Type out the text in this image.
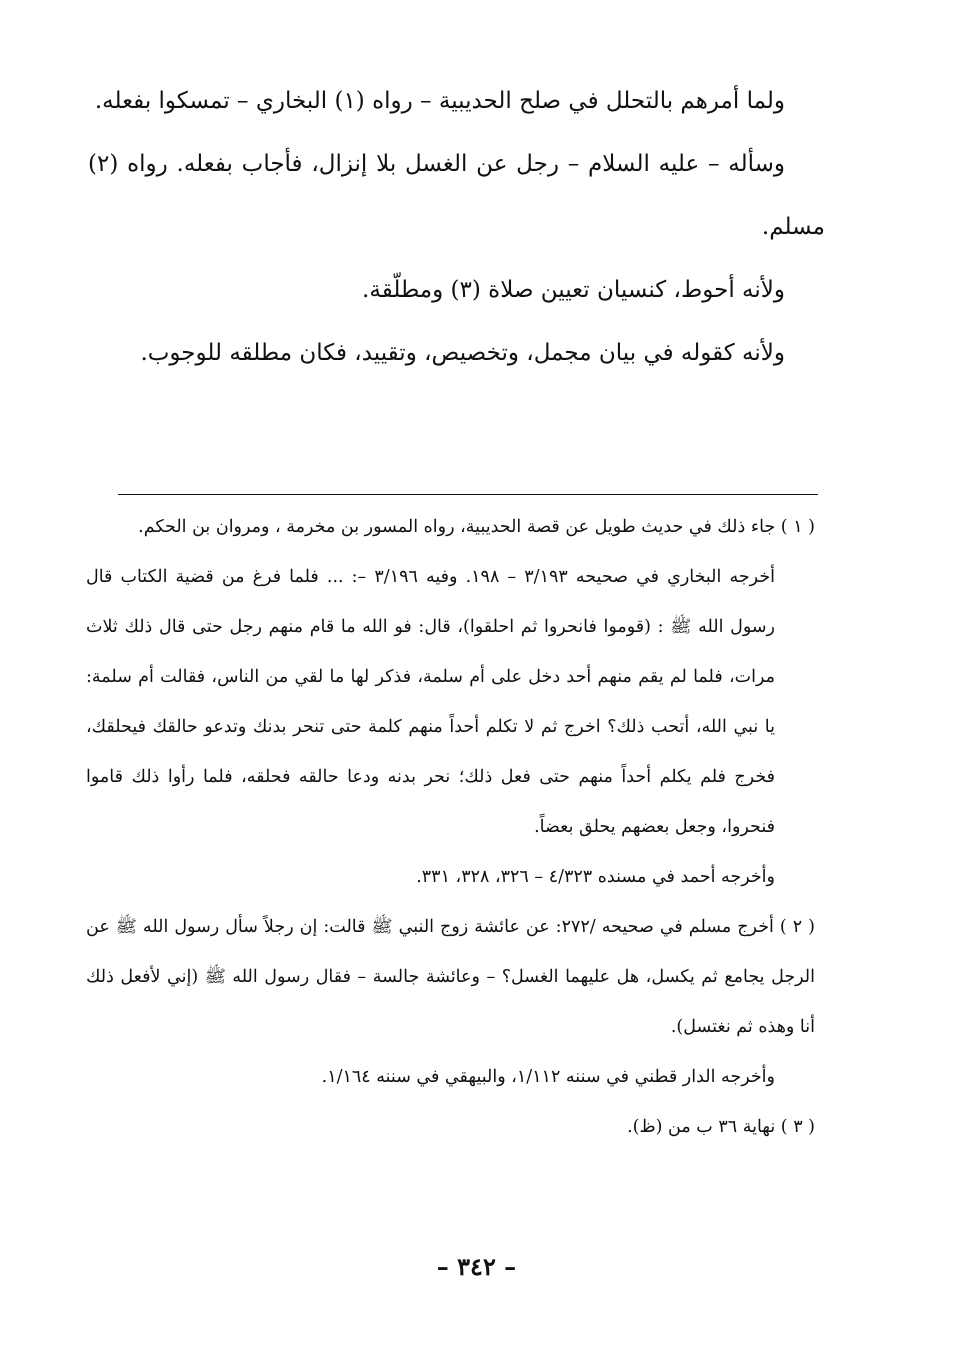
ولما أمرهم بالتحلل في صلح الحديبية – رواه (١) البخاري – تمسكوا بفعله.

وسأله – عليه السلام – رجل عن الغسل بلا إنزال، فأجاب بفعله. رواه (٢) مسلم.

ولأنه أحوط، كنسيان تعيين صلاة (٣) ومطلّقة.

ولأنه كقوله في بيان مجمل، وتخصيص، وتقييد، فكان مطلقه للوجوب.

( ١ ) جاء ذلك في حديث طويل عن قصة الحديبية، رواه المسور بن مخرمة ، ومروان بن الحكم.

أخرجه البخاري في صحيحه ٣/١٩٣ – ١٩٨. وفيه ٣/١٩٦ –: ... فلما فرغ من قضية الكتاب قال رسول الله ﷺ : (قوموا فانحروا ثم احلقوا)، قال: فو الله ما قام منهم رجل حتى قال ذلك ثلاث مرات، فلما لم يقم منهم أحد دخل على أم سلمة، فذكر لها ما لقي من الناس، فقالت أم سلمة: يا نبي الله، أتحب ذلك؟ اخرج ثم لا تكلم أحداً منهم كلمة حتى تنحر بدنك وتدعو حالقك فيحلقك، فخرج فلم يكلم أحداً منهم حتى فعل ذلك؛ نحر بدنه ودعا حالقه فحلقه، فلما رأوا ذلك قاموا فنحروا، وجعل بعضهم يحلق بعضاً.

وأخرجه أحمد في مسنده ٤/٣٢٣ – ٣٢٦، ٣٢٨، ٣٣١.

( ٢ ) أخرج مسلم في صحيحه /٢٧٢: عن عائشة زوج النبي ﷺ قالت: إن رجلاً سأل رسول الله ﷺ عن الرجل يجامع ثم يكسل، هل عليهما الغسل؟ – وعائشة جالسة – فقال رسول الله ﷺ (إني لأفعل ذلك أنا وهذه ثم نغتسل).

وأخرجه الدار قطني في سننه ١/١١٢، والبيهقي في سننه ١/١٦٤.

( ٣ ) نهاية ٣٦ ب من (ظ).

– ٣٤٢ –
